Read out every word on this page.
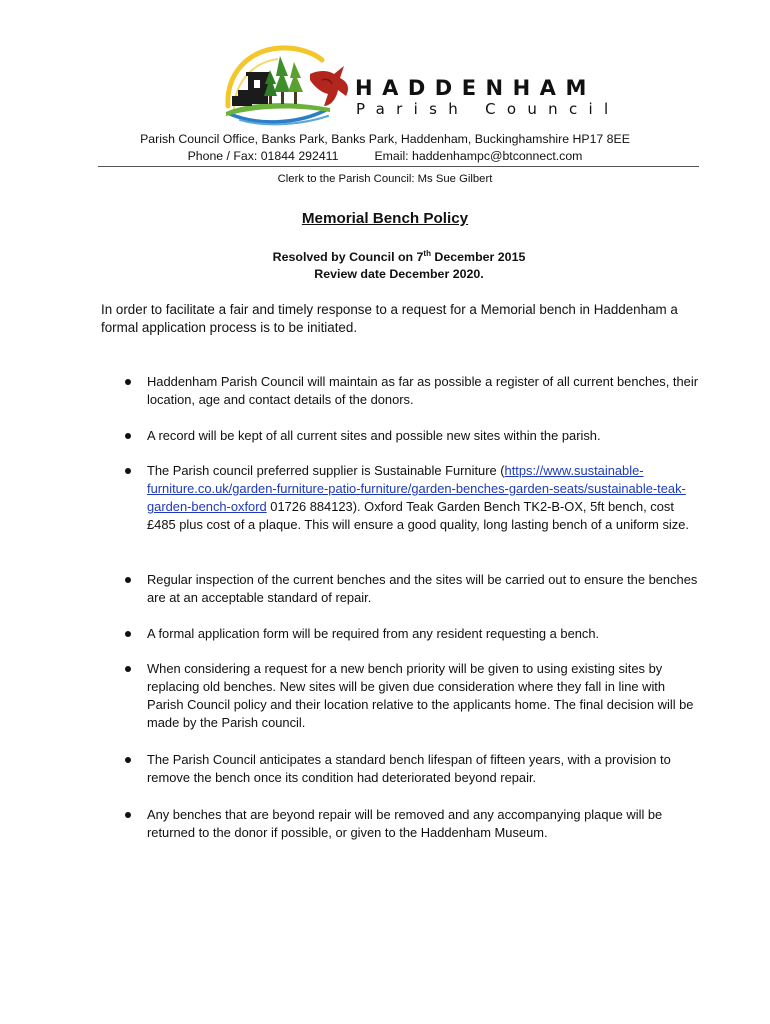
HADDENHAM
Parish Council
Parish Council Office, Banks Park, Banks Park, Haddenham, Buckinghamshire HP17 8EE
Phone / Fax: 01844 292411	Email: haddenhampc@btconnect.com
Clerk to the Parish Council: Ms Sue Gilbert
Memorial Bench Policy
Resolved by Council on 7th December 2015
Review date December 2020.
In order to facilitate a fair and timely response to a request for a Memorial bench in Haddenham a formal application process is to be initiated.
Haddenham Parish Council will maintain as far as possible a register of all current benches, their location, age and contact details of the donors.
A record will be kept of all current sites and possible new sites within the parish.
The Parish council preferred supplier is Sustainable Furniture (https://www.sustainable-furniture.co.uk/garden-furniture-patio-furniture/garden-benches-garden-seats/sustainable-teak-garden-bench-oxford 01726 884123). Oxford Teak Garden Bench TK2-B-OX, 5ft bench, cost £485 plus cost of a plaque. This will ensure a good quality, long lasting bench of a uniform size.
Regular inspection of the current benches and the sites will be carried out to ensure the benches are at an acceptable standard of repair.
A formal application form will be required from any resident requesting a bench.
When considering a request for a new bench priority will be given to using existing sites by replacing old benches. New sites will be given due consideration where they fall in line with Parish Council policy and their location relative to the applicants home. The final decision will be made by the Parish council.
The Parish Council anticipates a standard bench lifespan of fifteen years, with a provision to remove the bench once its condition had deteriorated beyond repair.
Any benches that are beyond repair will be removed and any accompanying plaque will be returned to the donor if possible, or given to the Haddenham Museum.
